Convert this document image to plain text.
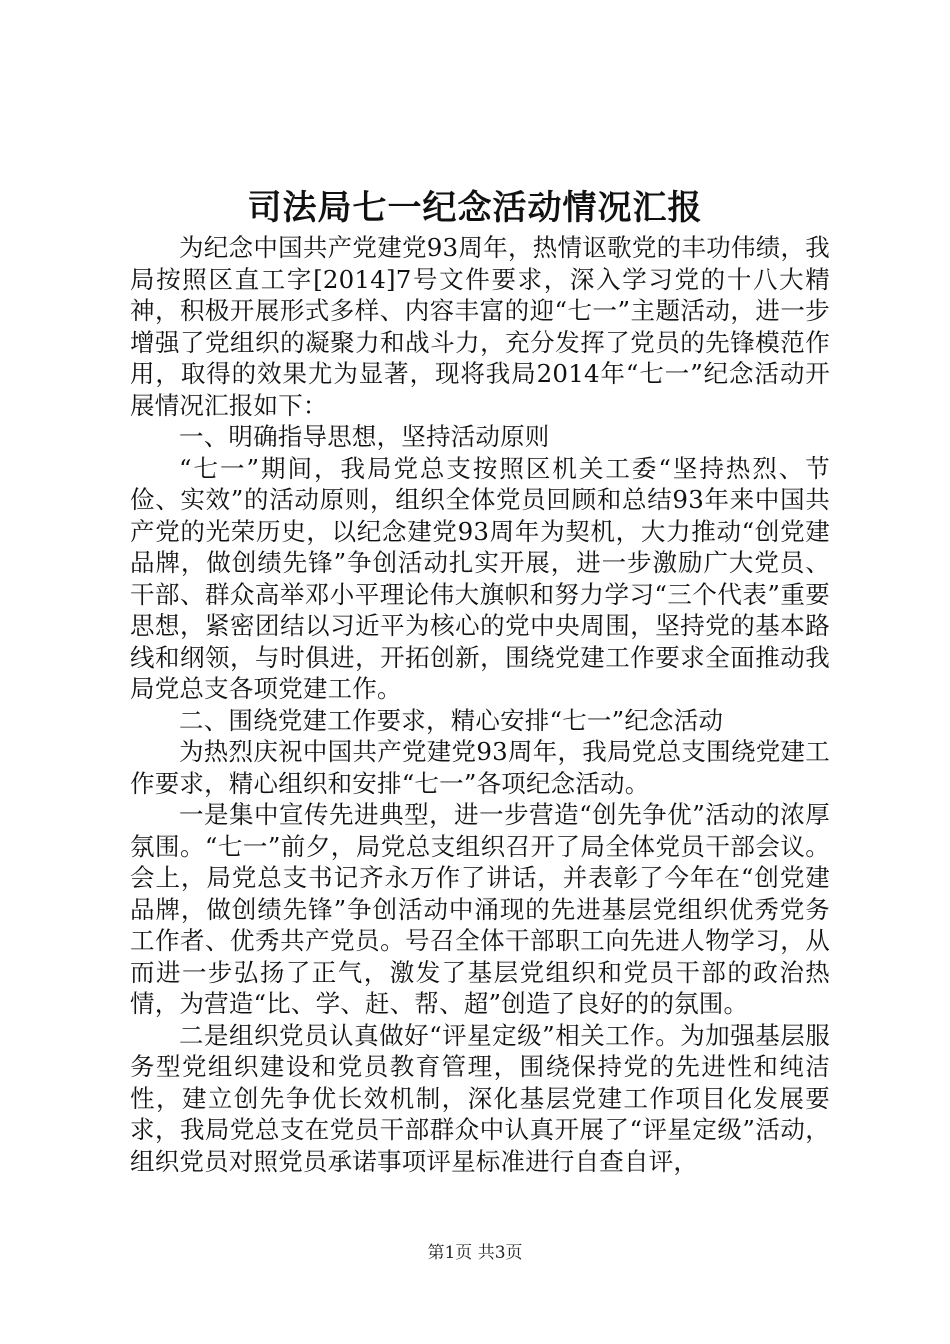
司法局七一纪念活动情况汇报

为纪念中国共产党建党93周年，热情讴歌党的丰功伟绩，我局按照区直工字[2014]7号文件要求，深入学习党的十八大精神，积极开展形式多样、内容丰富的迎“七一”主题活动，进一步增强了党组织的凝聚力和战斗力，充分发挥了党员的先锋模范作用，取得的效果尤为显著，现将我局2014年“七一”纪念活动开展情况汇报如下：

一、明确指导思想，坚持活动原则

“七一”期间，我局党总支按照区机关工委“坚持热烈、节俭、实效”的活动原则，组织全体党员回顾和总结93年来中国共产党的光荣历史，以纪念建党93周年为契机，大力推动“创党建品牌，做创绩先锋”争创活动扎实开展，进一步激励广大党员、干部、群众高举邓小平理论伟大旗帜和努力学习“三个代表”重要思想，紧密团结以习近平为核心的党中央周围，坚持党的基本路线和纲领，与时俱进，开拓创新，围绕党建工作要求全面推动我局党总支各项党建工作。

二、围绕党建工作要求，精心安排“七一”纪念活动

为热烈庆祝中国共产党建党93周年，我局党总支围绕党建工作要求，精心组织和安排“七一”各项纪念活动。

一是集中宣传先进典型，进一步营造“创先争优”活动的浓厚氛围。“七一”前夕，局党总支组织召开了局全体党员干部会议。会上，局党总支书记齐永万作了讲话，并表彰了今年在“创党建品牌，做创绩先锋”争创活动中涌现的先进基层党组织优秀党务工作者、优秀共产党员。号召全体干部职工向先进人物学习，从而进一步弘扬了正气，激发了基层党组织和党员干部的政治热情，为营造“比、学、赶、帮、超”创造了良好的的氛围。

二是组织党员认真做好“评星定级”相关工作。为加强基层服务型党组织建设和党员教育管理，围绕保持党的先进性和纯洁性，建立创先争优长效机制，深化基层党建工作项目化发展要求，我局党总支在党员干部群众中认真开展了“评星定级”活动，组织党员对照党员承诺事项评星标准进行自查自评，

第1页 共3页
